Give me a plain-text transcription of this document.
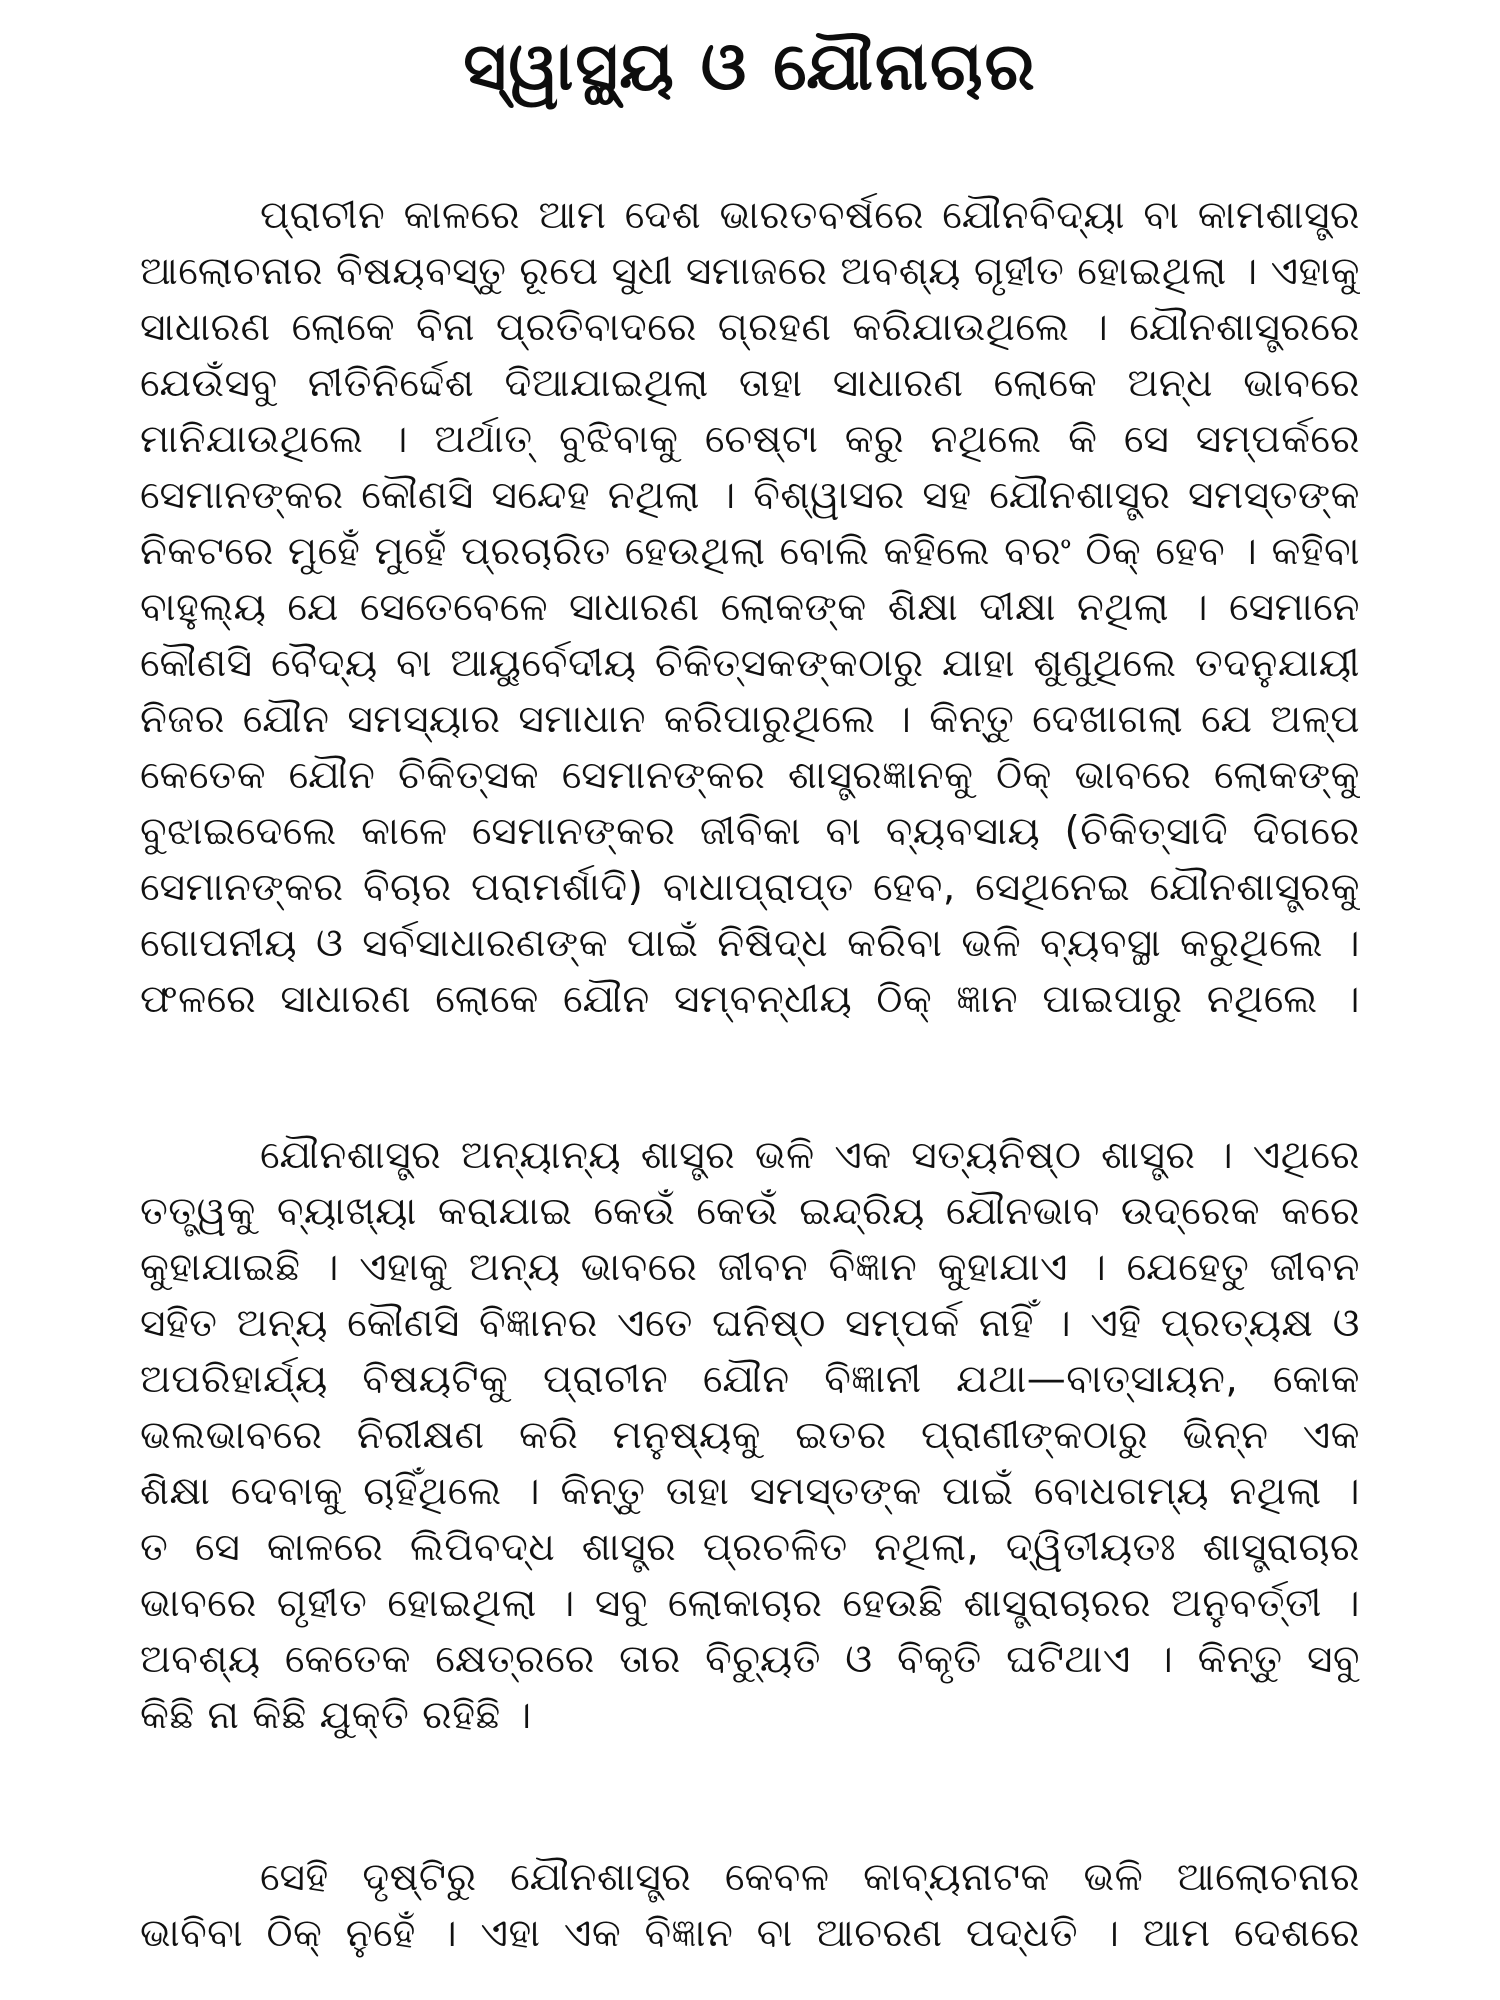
ସ୍ୱାସ୍ଥ୍ୟ ଓ ଯୌନାଚାର
ପ୍ରାଚୀନ କାଳରେ ଆମ ଦେଶ ଭାରତବର୍ଷରେ ଯୌନବିଦ୍ୟା ବା କାମଶାସ୍ତ୍ର
ଆଲୋଚନାର ବିଷୟବସ୍ତୁ ରୂପେ ସୁଧୀ ସମାଜରେ ଅବଶ୍ୟ ଗୃହୀତ ହୋଇଥିଲା । ଏହାକୁ
ସାଧାରଣ ଲୋକେ ବିନା ପ୍ରତିବାଦରେ ଗ୍ରହଣ କରିଯାଉଥିଲେ । ଯୌନଶାସ୍ତ୍ରରେ
ଯେଉଁସବୁ ନୀତିନିର୍ଦ୍ଦେଶ ଦିଆଯାଇଥିଲା ତାହା ସାଧାରଣ ଲୋକେ ଅନ୍ଧ ଭାବରେ
ମାନିଯାଉଥିଲେ । ଅର୍ଥାତ୍ ବୁଝିବାକୁ ଚେଷ୍ଟା କରୁ ନଥିଲେ କି ସେ ସମ୍ପର୍କରେ
ସେମାନଙ୍କର କୌଣସି ସନ୍ଦେହ ନଥିଲା । ବିଶ୍ୱାସର ସହ ଯୌନଶାସ୍ତ୍ର ସମସ୍ତଙ୍କ
ନିକଟରେ ମୁହେଁ ମୁହେଁ ପ୍ରଚାରିତ ହେଉଥିଲା ବୋଲି କହିଲେ ବରଂ ଠିକ୍ ହେବ । କହିବା
ବାହୁଲ୍ୟ ଯେ ସେତେବେଳେ ସାଧାରଣ ଲୋକଙ୍କ ଶିକ୍ଷା ଦୀକ୍ଷା ନଥିଲା । ସେମାନେ
କୌଣସି ବୈଦ୍ୟ ବା ଆୟୁର୍ବେଦୀୟ ଚିକିତ୍ସକଙ୍କଠାରୁ ଯାହା ଶୁଣୁଥିଲେ ତଦନୁଯାୟୀ
ନିଜର ଯୌନ ସମସ୍ୟାର ସମାଧାନ କରିପାରୁଥିଲେ । କିନ୍ତୁ ଦେଖାଗଲା ଯେ ଅଳ୍ପ
କେତେକ ଯୌନ ଚିକିତ୍ସକ ସେମାନଙ୍କର ଶାସ୍ତ୍ରଜ୍ଞାନକୁ ଠିକ୍ ଭାବରେ ଲୋକଙ୍କୁ
ବୁଝାଇଦେଲେ କାଳେ ସେମାନଙ୍କର ଜୀବିକା ବା ବ୍ୟବସାୟ (ଚିକିତ୍ସାଦି ଦିଗରେ
ସେମାନଙ୍କର ବିଚାର ପରାମର୍ଶାଦି) ବାଧାପ୍ରାପ୍ତ ହେବ, ସେଥିନେଇ ଯୌନଶାସ୍ତ୍ରକୁ
ଗୋପନୀୟ ଓ ସର୍ବସାଧାରଣଙ୍କ ପାଇଁ ନିଷିଦ୍ଧ କରିବା ଭଳି ବ୍ୟବସ୍ଥା କରୁଥିଲେ ।
ଫଳରେ ସାଧାରଣ ଲୋକେ ଯୌନ ସମ୍ବନ୍ଧୀୟ ଠିକ୍ ଜ୍ଞାନ ପାଇପାରୁ ନଥିଲେ ।
ଯୌନଶାସ୍ତ୍ର ଅନ୍ୟାନ୍ୟ ଶାସ୍ତ୍ର ଭଳି ଏକ ସତ୍ୟନିଷ୍ଠ ଶାସ୍ତ୍ର । ଏଥିରେ
ତତ୍ତ୍ୱକୁ ବ୍ୟାଖ୍ୟା କରାଯାଇ କେଉଁ କେଉଁ ଇନ୍ଦ୍ରିୟ ଯୌନଭାବ ଉଦ୍ରେକ କରେ
କୁହାଯାଇଛି । ଏହାକୁ ଅନ୍ୟ ଭାବରେ ଜୀବନ ବିଜ୍ଞାନ କୁହାଯାଏ । ଯେହେତୁ ଜୀବନ
ସହିତ ଅନ୍ୟ କୌଣସି ବିଜ୍ଞାନର ଏତେ ଘନିଷ୍ଠ ସମ୍ପର୍କ ନାହିଁ । ଏହି ପ୍ରତ୍ୟକ୍ଷ ଓ
ଅପରିହାର୍ଯ୍ୟ ବିଷୟଟିକୁ ପ୍ରାଚୀନ ଯୌନ ବିଜ୍ଞାନୀ ଯଥା—ବାତ୍ସାୟନ, କୋକ
ଭଲଭାବରେ ନିରୀକ୍ଷଣ କରି ମନୁଷ୍ୟକୁ ଇତର ପ୍ରାଣୀଙ୍କଠାରୁ ଭିନ୍ନ ଏକ
ଶିକ୍ଷା ଦେବାକୁ ଚାହିଁଥିଲେ । କିନ୍ତୁ ତାହା ସମସ୍ତଙ୍କ ପାଇଁ ବୋଧଗମ୍ୟ ନଥିଲା ।
ତ ସେ କାଳରେ ଲିପିବଦ୍ଧ ଶାସ୍ତ୍ର ପ୍ରଚଳିତ ନଥିଲା, ଦ୍ୱିତୀୟତଃ ଶାସ୍ତ୍ରାଚାର
ଭାବରେ ଗୃହୀତ ହୋଇଥିଲା । ସବୁ ଲୋକାଚାର ହେଉଛି ଶାସ୍ତ୍ରାଚାରର ଅନୁବର୍ତ୍ତୀ ।
ଅବଶ୍ୟ କେତେକ କ୍ଷେତ୍ରରେ ତାର ବିଚ୍ୟୁତି ଓ ବିକୃତି ଘଟିଥାଏ । କିନ୍ତୁ ସବୁ
କିଛି ନା କିଛି ଯୁକ୍ତି ରହିଛି ।
ସେହି ଦୃଷ୍ଟିରୁ ଯୌନଶାସ୍ତ୍ର କେବଳ କାବ୍ୟନାଟକ ଭଳି ଆଲୋଚନାର
ଭାବିବା ଠିକ୍ ନୁହେଁ । ଏହା ଏକ ବିଜ୍ଞାନ ବା ଆଚରଣ ପଦ୍ଧତି । ଆମ ଦେଶରେ
